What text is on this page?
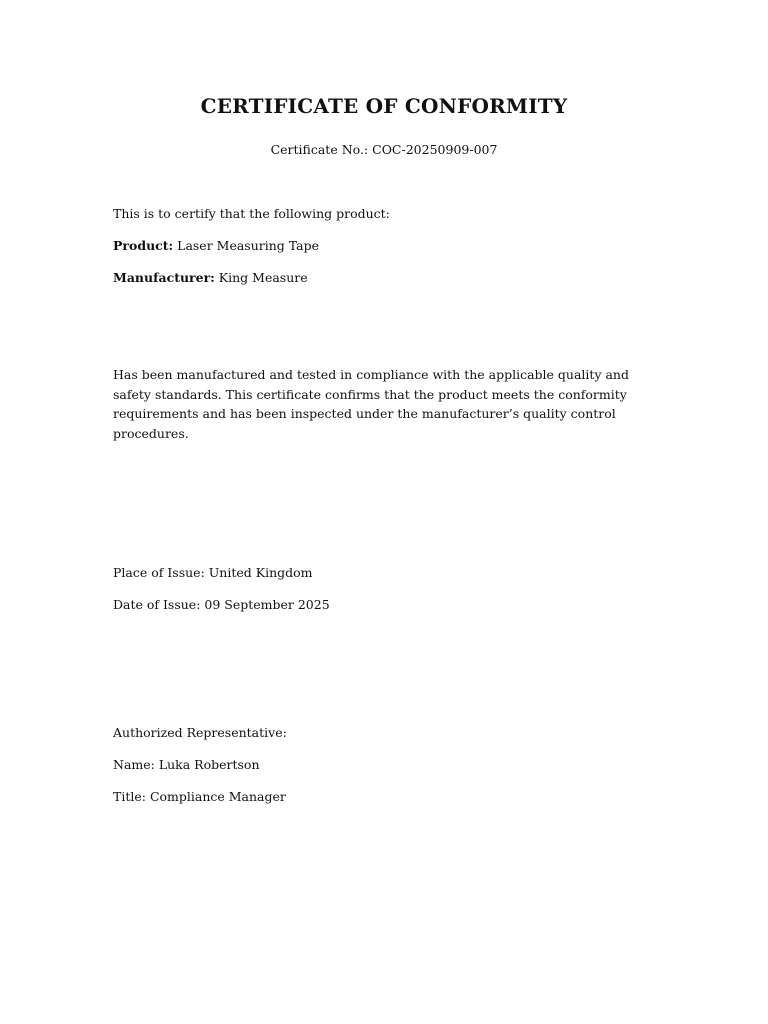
CERTIFICATE OF CONFORMITY
Certificate No.: COC-20250909-007
This is to certify that the following product:
Product: Laser Measuring Tape
Manufacturer: King Measure
Has been manufactured and tested in compliance with the applicable quality and safety standards. This certificate confirms that the product meets the conformity requirements and has been inspected under the manufacturer’s quality control procedures.
Place of Issue: United Kingdom
Date of Issue: 09 September 2025
Authorized Representative:
Name: Luka Robertson
Title: Compliance Manager
